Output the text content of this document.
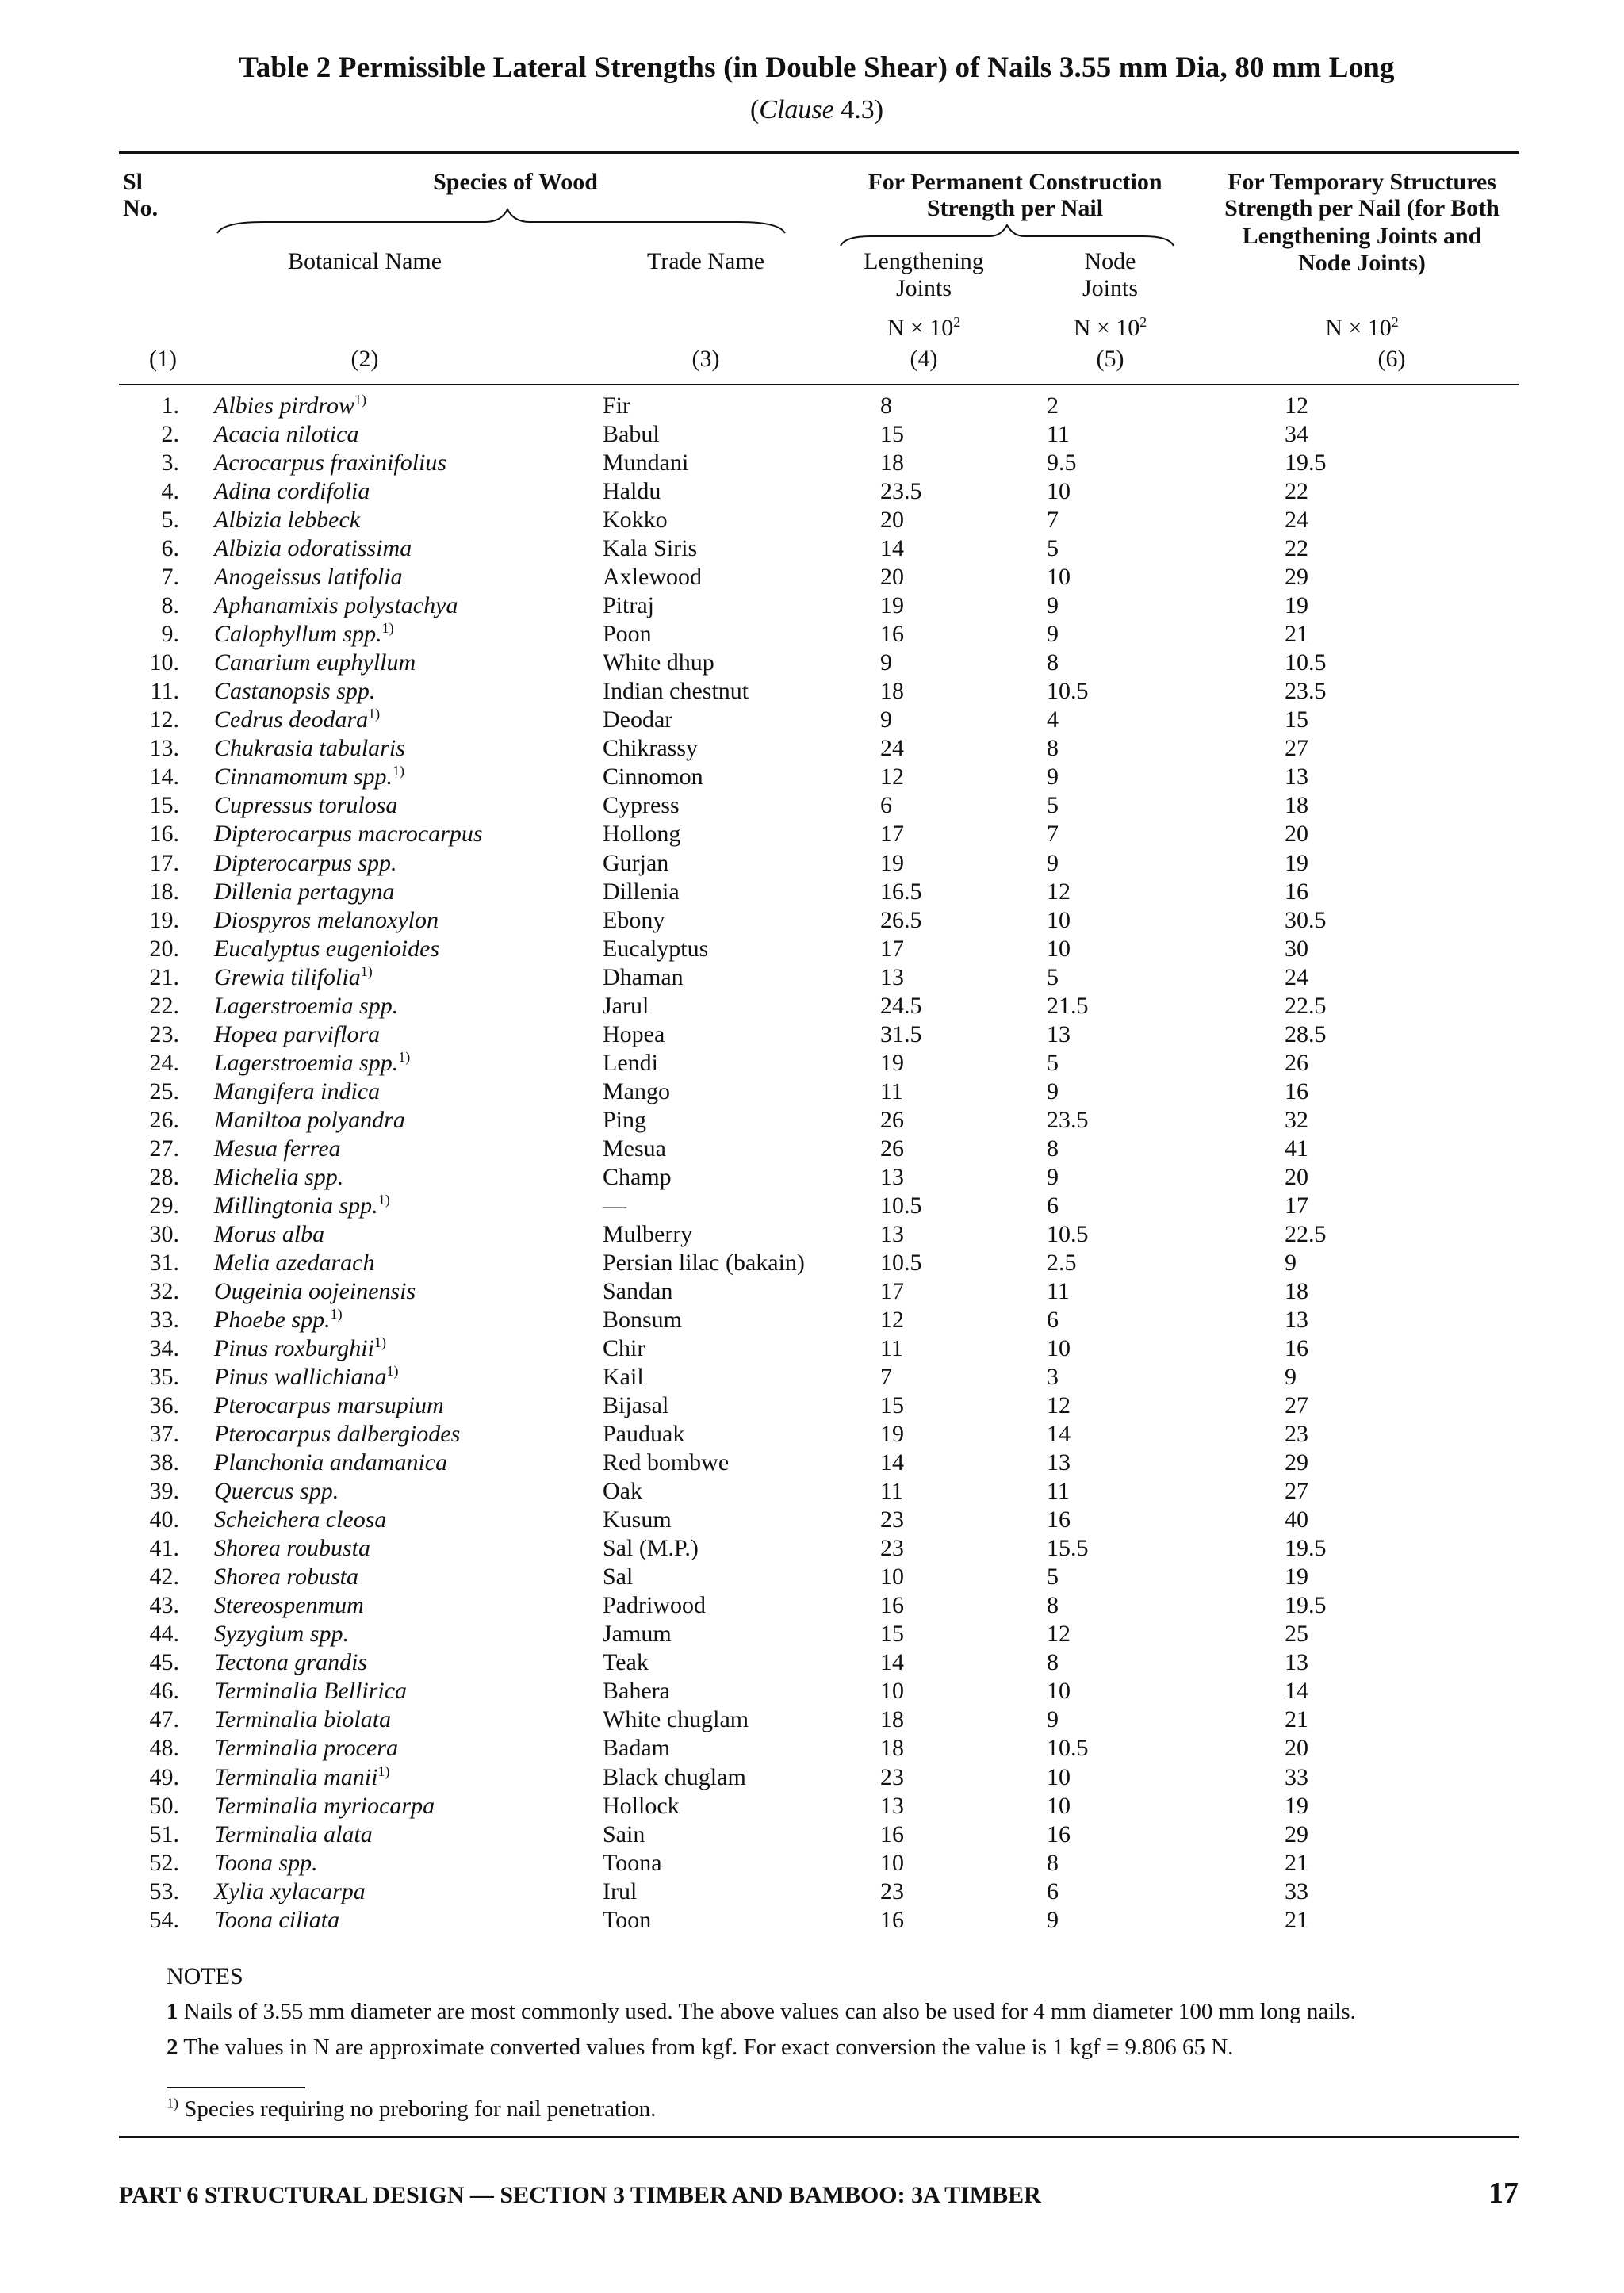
Table 2 Permissible Lateral Strengths (in Double Shear) of Nails 3.55 mm Dia, 80 mm Long
(Clause 4.3)
Sl
No.
Species of Wood
Botanical Name	Trade Name
For Permanent Construction
Strength per Nail
Lengthening
Joints
Node
Joints
For Temporary Structures
Strength per Nail (for Both
Lengthening Joints and
Node Joints)
$N \times 10^2$	$N \times 10^2$	$N \times 10^2$
(1)	(2)	(3)	(4)	(5)	(6)
1.	Albies pirdrow$^{1)}$	Fir	8	2	12
2.	Acacia nilotica	Babul	15	11	34
3.	Acrocarpus fraxinifolius	Mundani	18	9.5	19.5
4.	Adina cordifolia	Haldu	23.5	10	22
5.	Albizia lebbeck	Kokko	20	7	24
6.	Albizia odoratissima	Kala Siris	14	5	22
7.	Anogeissus latifolia	Axlewood	20	10	29
8.	Aphanamixis polystachya	Pitraj	19	9	19
9.	Calophyllum spp.$^{1)}$	Poon	16	9	21
10.	Canarium euphyllum	White dhup	9	8	10.5
11.	Castanopsis spp.	Indian chestnut	18	10.5	23.5
12.	Cedrus deodara$^{1)}$	Deodar	9	4	15
13.	Chukrasia tabularis	Chikrassy	24	8	27
14.	Cinnamomum spp.$^{1)}$	Cinnomon	12	9	13
15.	Cupressus torulosa	Cypress	6	5	18
16.	Dipterocarpus macrocarpus	Hollong	17	7	20
17.	Dipterocarpus spp.	Gurjan	19	9	19
18.	Dillenia pertagyna	Dillenia	16.5	12	16
19.	Diospyros melanoxylon	Ebony	26.5	10	30.5
20.	Eucalyptus eugenioides	Eucalyptus	17	10	30
21.	Grewia tilifolia$^{1)}$	Dhaman	13	5	24
22.	Lagerstroemia spp.	Jarul	24.5	21.5	22.5
23.	Hopea parviflora	Hopea	31.5	13	28.5
24.	Lagerstroemia spp.$^{1)}$	Lendi	19	5	26
25.	Mangifera indica	Mango	11	9	16
26.	Maniltoa polyandra	Ping	26	23.5	32
27.	Mesua ferrea	Mesua	26	8	41
28.	Michelia spp.	Champ	13	9	20
29.	Millingtonia spp.$^{1)}$	—	10.5	6	17
30.	Morus alba	Mulberry	13	10.5	22.5
31.	Melia azedarach	Persian lilac (bakain)	10.5	2.5	9
32.	Ougeinia oojeinensis	Sandan	17	11	18
33.	Phoebe spp.$^{1)}$	Bonsum	12	6	13
34.	Pinus roxburghii$^{1)}$	Chir	11	10	16
35.	Pinus wallichiana$^{1)}$	Kail	7	3	9
36.	Pterocarpus marsupium	Bijasal	15	12	27
37.	Pterocarpus dalbergiodes	Pauduak	19	14	23
38.	Planchonia andamanica	Red bombwe	14	13	29
39.	Quercus spp.	Oak	11	11	27
40.	Scheichera cleosa	Kusum	23	16	40
41.	Shorea roubusta	Sal (M.P.)	23	15.5	19.5
42.	Shorea robusta	Sal	10	5	19
43.	Stereospenmum	Padriwood	16	8	19.5
44.	Syzygium spp.	Jamum	15	12	25
45.	Tectona grandis	Teak	14	8	13
46.	Terminalia Bellirica	Bahera	10	10	14
47.	Terminalia biolata	White chuglam	18	9	21
48.	Terminalia procera	Badam	18	10.5	20
49.	Terminalia manii$^{1)}$	Black chuglam	23	10	33
50.	Terminalia myriocarpa	Hollock	13	10	19
51.	Terminalia alata	Sain	16	16	29
52.	Toona spp.	Toona	10	8	21
53.	Xylia xylacarpa	Irul	23	6	33
54.	Toona ciliata	Toon	16	9	21
NOTES
1 Nails of 3.55 mm diameter are most commonly used. The above values can also be used for 4 mm diameter 100 mm long nails.
2 The values in N are approximate converted values from kgf. For exact conversion the value is 1 kgf = 9.806 65 N.
$^{1)}$ Species requiring no preboring for nail penetration.
PART 6 STRUCTURAL DESIGN — SECTION 3 TIMBER AND BAMBOO: 3A TIMBER	17
